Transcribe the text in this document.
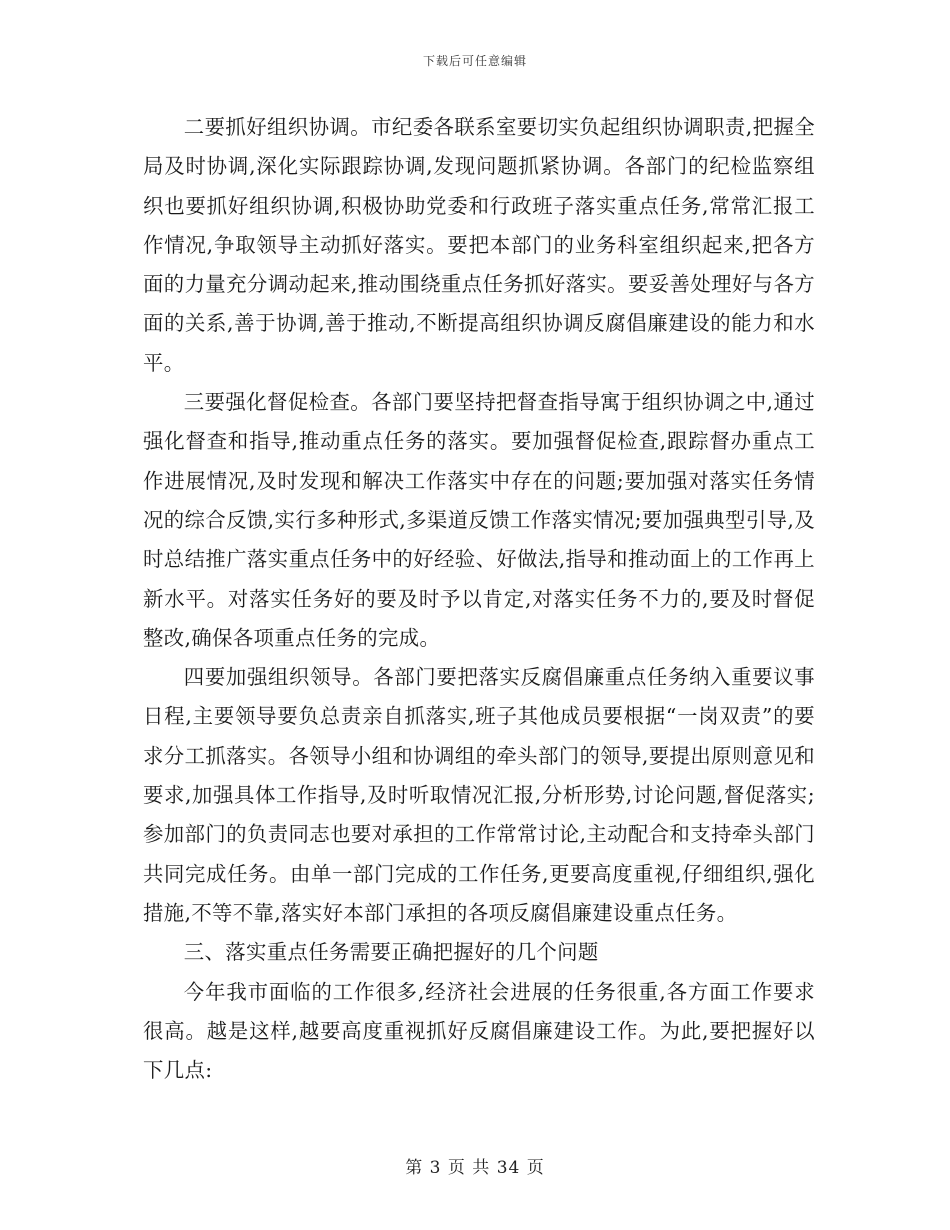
下载后可任意编辑

二要抓好组织协调。市纪委各联系室要切实负起组织协调职责,把握全局及时协调,深化实际跟踪协调,发现问题抓紧协调。各部门的纪检监察组织也要抓好组织协调,积极协助党委和行政班子落实重点任务,常常汇报工作情况,争取领导主动抓好落实。要把本部门的业务科室组织起来,把各方面的力量充分调动起来,推动围绕重点任务抓好落实。要妥善处理好与各方面的关系,善于协调,善于推动,不断提高组织协调反腐倡廉建设的能力和水平。

三要强化督促检查。各部门要坚持把督查指导寓于组织协调之中,通过强化督查和指导,推动重点任务的落实。要加强督促检查,跟踪督办重点工作进展情况,及时发现和解决工作落实中存在的问题;要加强对落实任务情况的综合反馈,实行多种形式,多渠道反馈工作落实情况;要加强典型引导,及时总结推广落实重点任务中的好经验、好做法,指导和推动面上的工作再上新水平。对落实任务好的要及时予以肯定,对落实任务不力的,要及时督促整改,确保各项重点任务的完成。

四要加强组织领导。各部门要把落实反腐倡廉重点任务纳入重要议事日程,主要领导要负总责亲自抓落实,班子其他成员要根据“一岗双责”的要求分工抓落实。各领导小组和协调组的牵头部门的领导,要提出原则意见和要求,加强具体工作指导,及时听取情况汇报,分析形势,讨论问题,督促落实;参加部门的负责同志也要对承担的工作常常讨论,主动配合和支持牵头部门共同完成任务。由单一部门完成的工作任务,更要高度重视,仔细组织,强化措施,不等不靠,落实好本部门承担的各项反腐倡廉建设重点任务。

三、落实重点任务需要正确把握好的几个问题

今年我市面临的工作很多,经济社会进展的任务很重,各方面工作要求很高。越是这样,越要高度重视抓好反腐倡廉建设工作。为此,要把握好以下几点:

第 3 页 共 34 页
